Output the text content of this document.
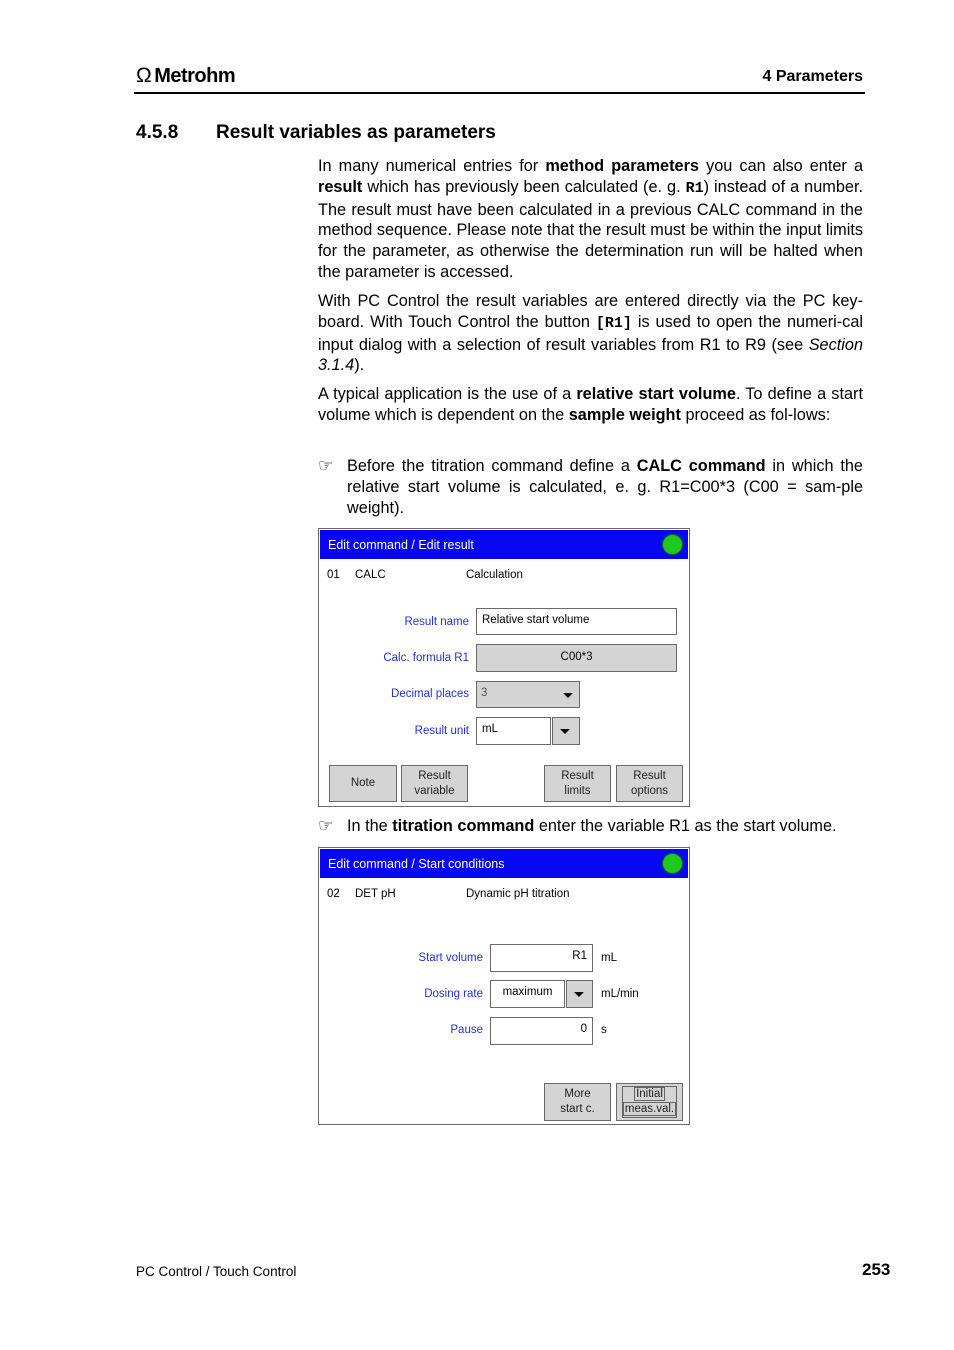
Ω Metrohm	4 Parameters
4.5.8 Result variables as parameters

In many numerical entries for method parameters you can also enter a result which has previously been calculated (e. g. R1) instead of a number. The result must have been calculated in a previous CALC command in the method sequence. Please note that the result must be within the input limits for the parameter, as otherwise the determination run will be halted when the parameter is accessed.

With PC Control the result variables are entered directly via the PC key-board. With Touch Control the button [R1] is used to open the numeri-cal input dialog with a selection of result variables from R1 to R9 (see Section 3.1.4).

A typical application is the use of a relative start volume. To define a start volume which is dependent on the sample weight proceed as fol-lows:

☞ Before the titration command define a CALC command in which the relative start volume is calculated, e. g. R1=C00*3 (C00 = sam-ple weight).
Edit command / Edit result
01 CALC	Calculation
Result name	Relative start volume
Calc. formula R1	C00*3
Decimal places	3
Result unit	mL
Note
Result
variable
Result
limits
Result
options
☞ In the titration command enter the variable R1 as the start volume.
Edit command / Start conditions
02 DET pH	Dynamic pH titration
Start volume	R1	mL
Dosing rate	maximum	mL/min
Pause	0	s
More
start c.
Initial
meas.val.
PC Control / Touch Control	253
